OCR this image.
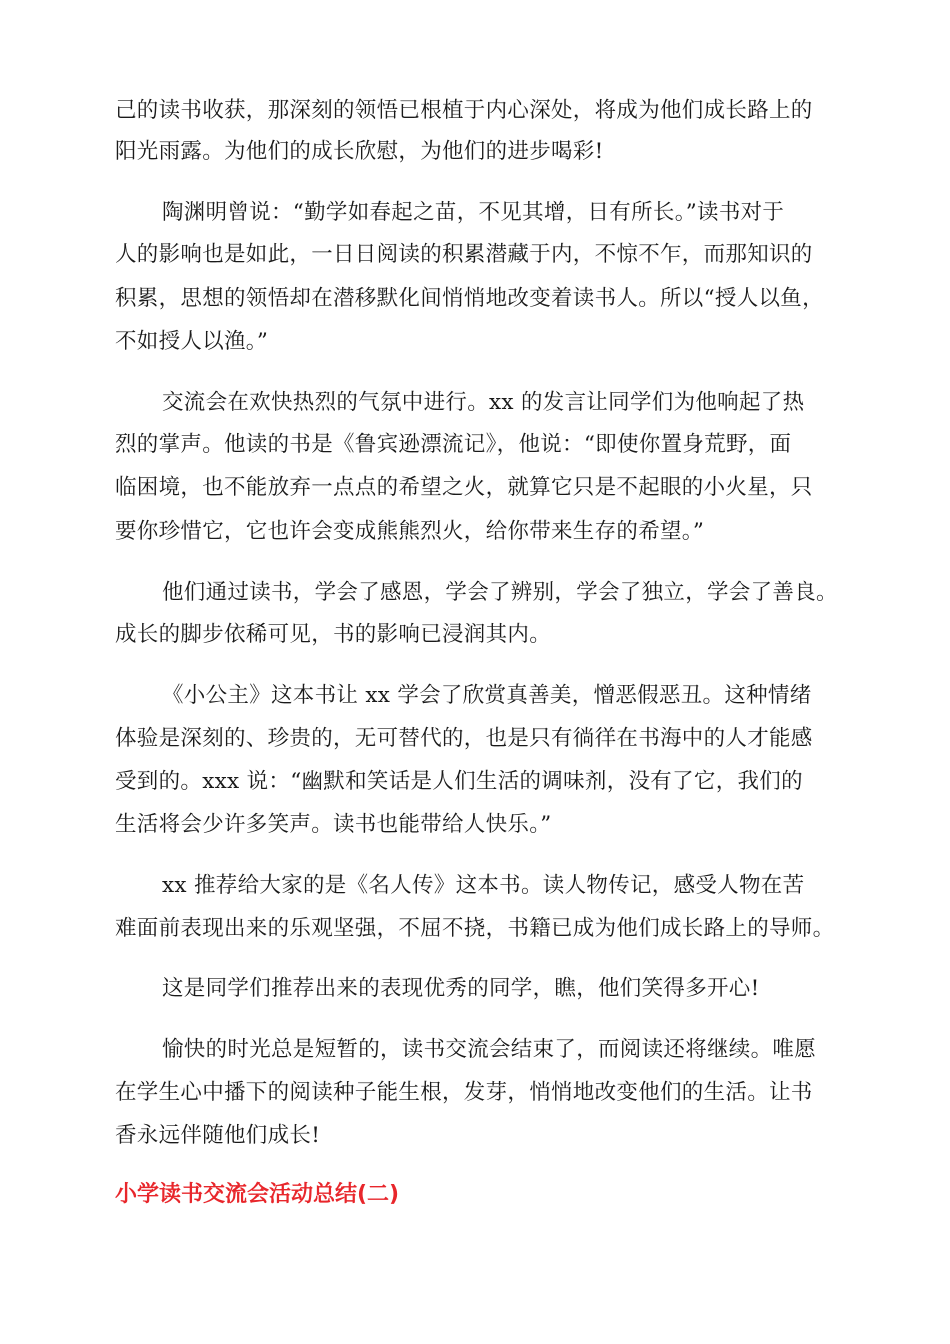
己的读书收获，那深刻的领悟已根植于内心深处，将成为他们成长路上的
阳光雨露。为他们的成长欣慰，为他们的进步喝彩!
陶渊明曾说：“勤学如春起之苗，不见其增，日有所长。”读书对于
人的影响也是如此，一日日阅读的积累潜藏于内，不惊不乍，而那知识的
积累，思想的领悟却在潜移默化间悄悄地改变着读书人。所以“授人以鱼，
不如授人以渔。”
交流会在欢快热烈的气氛中进行。xx 的发言让同学们为他响起了热
烈的掌声。他读的书是《鲁宾逊漂流记》，他说：“即使你置身荒野，面
临困境，也不能放弃一点点的希望之火，就算它只是不起眼的小火星，只
要你珍惜它，它也许会变成熊熊烈火，给你带来生存的希望。”
他们通过读书，学会了感恩，学会了辨别，学会了独立，学会了善良。
成长的脚步依稀可见，书的影响已浸润其内。
《小公主》这本书让 xx 学会了欣赏真善美，憎恶假恶丑。这种情绪
体验是深刻的、珍贵的，无可替代的，也是只有徜徉在书海中的人才能感
受到的。xxx 说：“幽默和笑话是人们生活的调味剂，没有了它，我们的
生活将会少许多笑声。读书也能带给人快乐。”
xx 推荐给大家的是《名人传》这本书。读人物传记，感受人物在苦
难面前表现出来的乐观坚强，不屈不挠，书籍已成为他们成长路上的导师。
这是同学们推荐出来的表现优秀的同学，瞧，他们笑得多开心!
愉快的时光总是短暂的，读书交流会结束了，而阅读还将继续。唯愿
在学生心中播下的阅读种子能生根，发芽，悄悄地改变他们的生活。让书
香永远伴随他们成长!
小学读书交流会活动总结(二)
